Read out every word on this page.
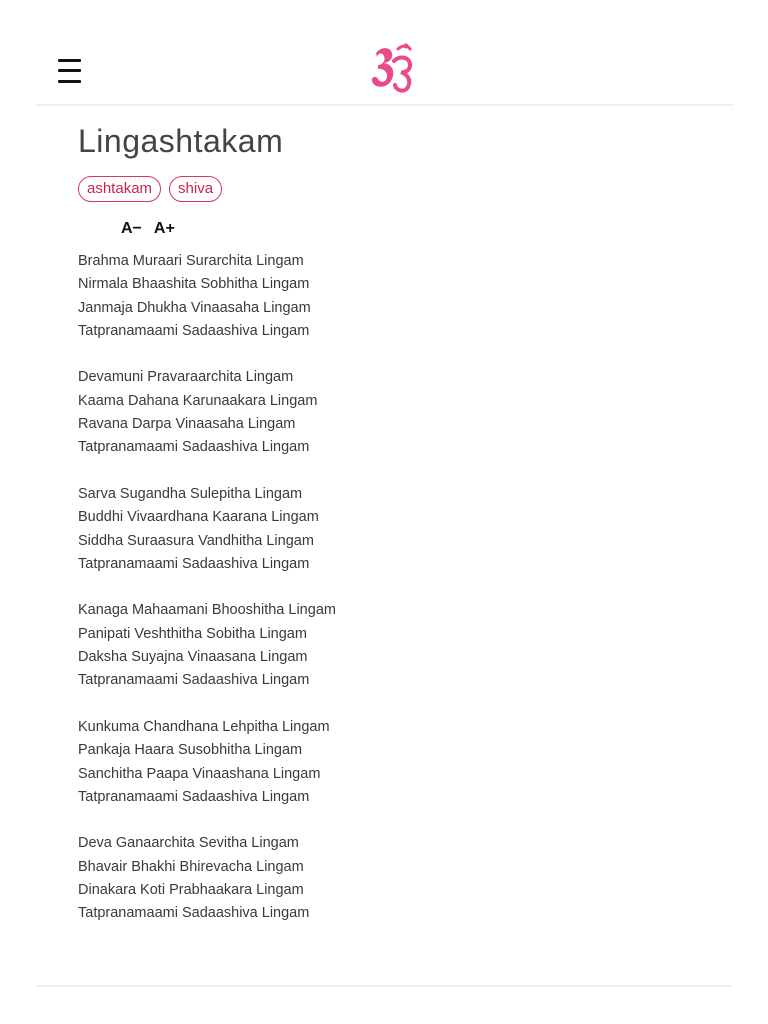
Lingashtakam
ashtakam	shiva
A− A+
Brahma Muraari Surarchita Lingam
Nirmala Bhaashita Sobhitha Lingam
Janmaja Dhukha Vinaasaha Lingam
Tatpranamaami Sadaashiva Lingam
Devamuni Pravaraarchita Lingam
Kaama Dahana Karunaakara Lingam
Ravana Darpa Vinaasaha Lingam
Tatpranamaami Sadaashiva Lingam
Sarva Sugandha Sulepitha Lingam
Buddhi Vivaardhana Kaarana Lingam
Siddha Suraasura Vandhitha Lingam
Tatpranamaami Sadaashiva Lingam
Kanaga Mahaamani Bhooshitha Lingam
Panipati Veshthitha Sobitha Lingam
Daksha Suyajna Vinaasana Lingam
Tatpranamaami Sadaashiva Lingam
Kunkuma Chandhana Lehpitha Lingam
Pankaja Haara Susobhitha Lingam
Sanchitha Paapa Vinaashana Lingam
Tatpranamaami Sadaashiva Lingam
Deva Ganaarchita Sevitha Lingam
Bhavair Bhakhi Bhirevacha Lingam
Dinakara Koti Prabhaakara Lingam
Tatpranamaami Sadaashiva Lingam
